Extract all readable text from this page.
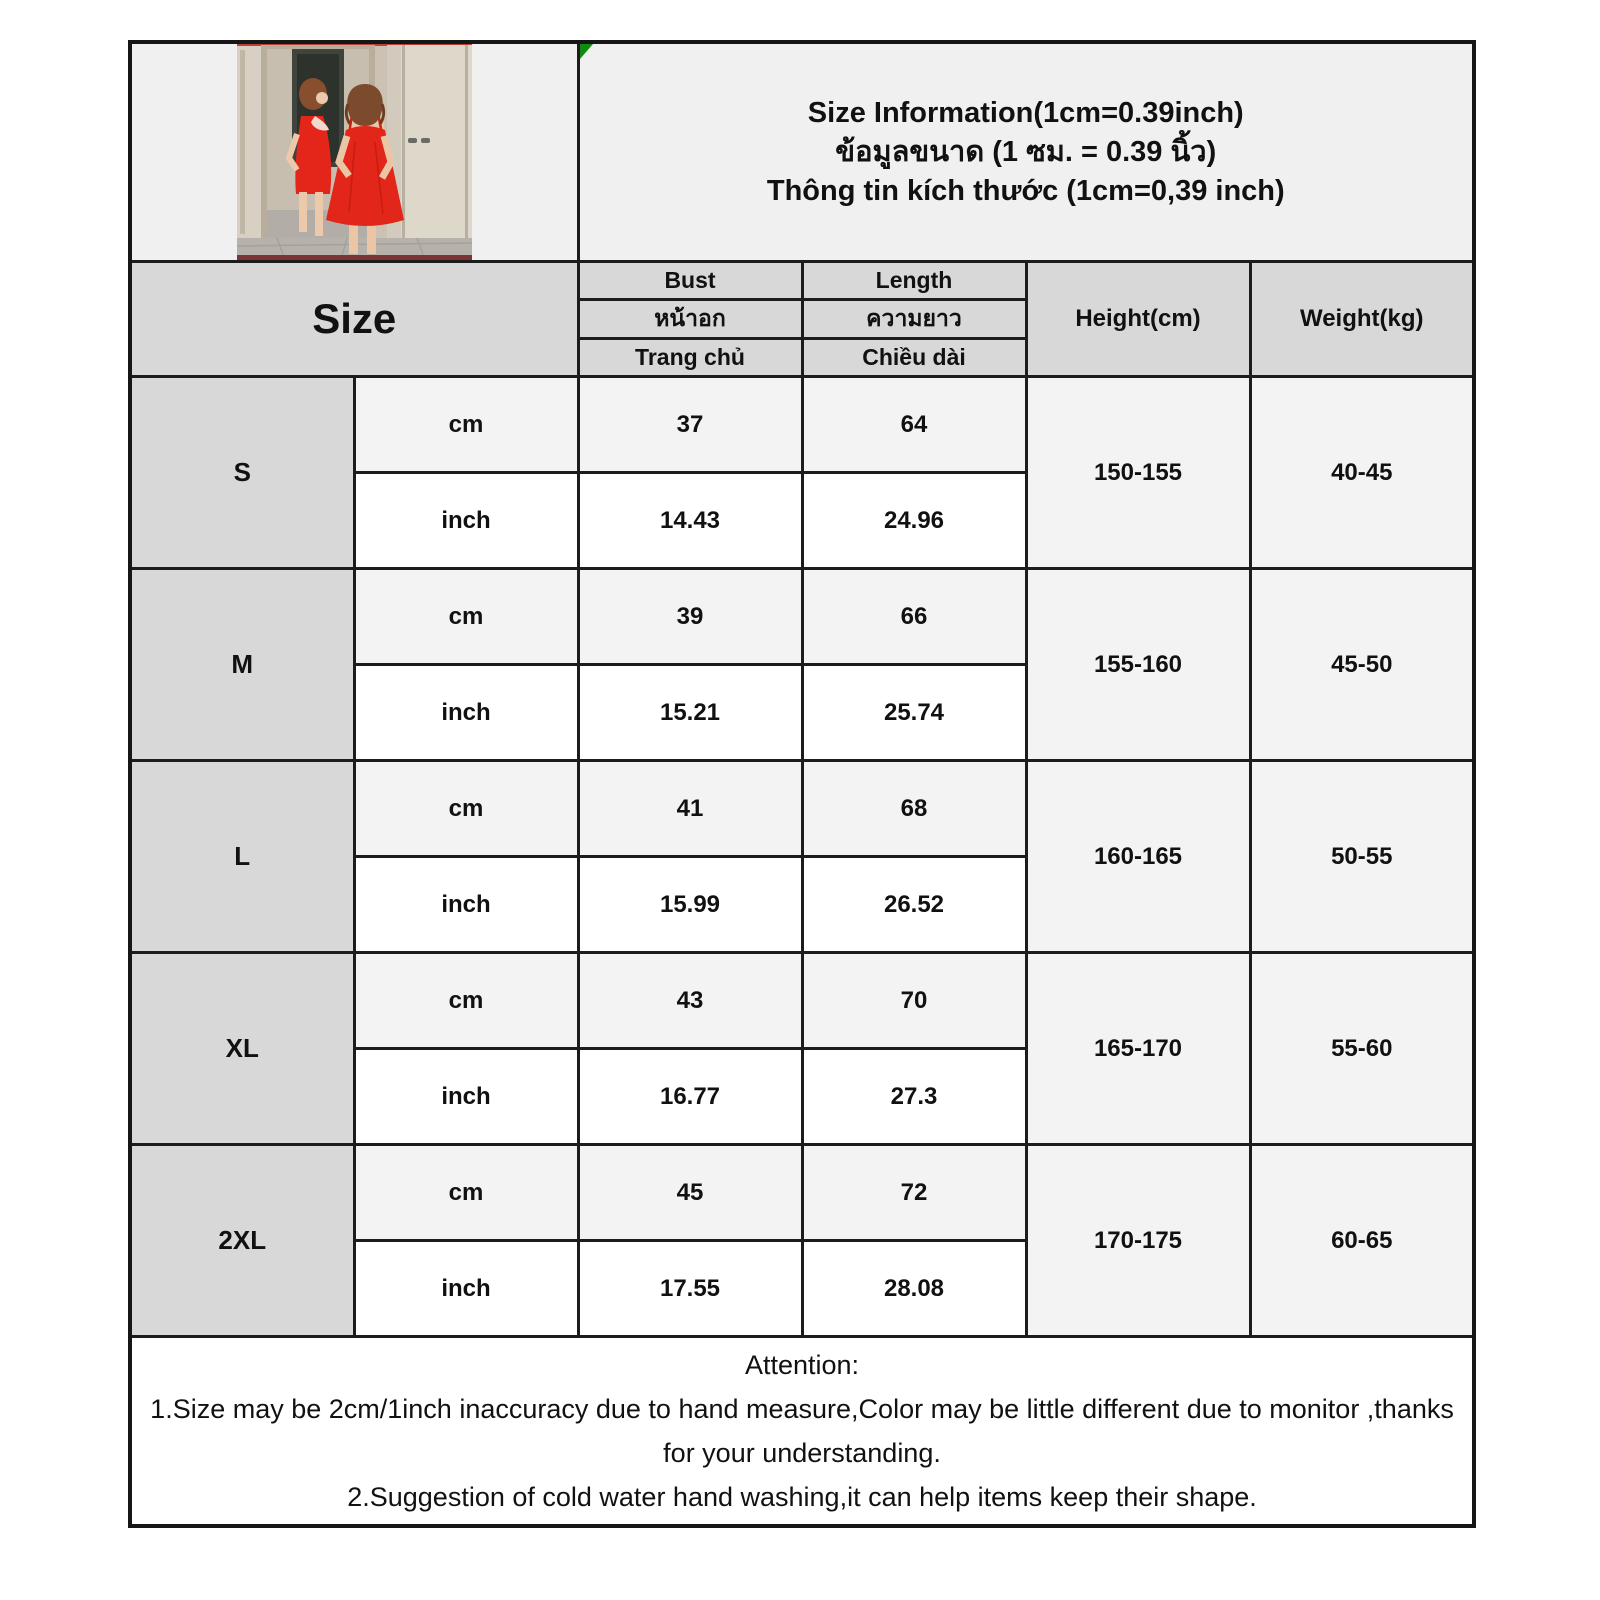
Size Information(1cm=0.39inch)
ข้อมูลขนาด (1 ซม. = 0.39 นิ้ว)
Thông tin kích thước (1cm=0,39 inch)			

Size		Bust	Length	Height(cm)	Weight(kg)
		หน้าอก	ความยาว		
		Trang chủ	Chiều dài		
S	cm	37	64	150-155	40-45
	inch	14.43	24.96		
M	cm	39	66	155-160	45-50
	inch	15.21	25.74		
L	cm	41	68	160-165	50-55
	inch	15.99	26.52		
XL	cm	43	70	165-170	55-60
	inch	16.77	27.3		
2XL	cm	45	72	170-175	60-65
	inch	17.55	28.08		

Attention:
1.Size may be 2cm/1inch inaccuracy due to hand measure,Color may be little different due to monitor ,thanks for your understanding.
2.Suggestion of cold water hand washing,it can help items keep their shape.					
